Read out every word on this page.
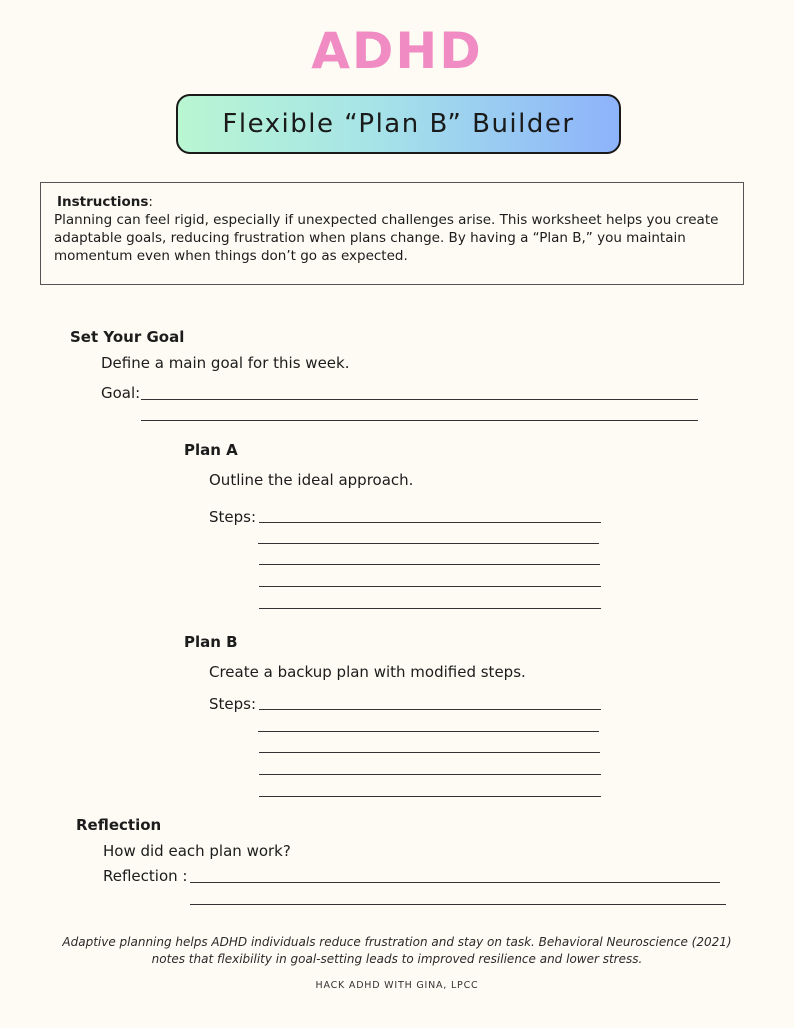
ADHD
Flexible “Plan B” Builder
Instructions:
Planning can feel rigid, especially if unexpected challenges arise. This worksheet helps you create adaptable goals, reducing frustration when plans change. By having a “Plan B,” you maintain momentum even when things don’t go as expected.
Set Your Goal
Define a main goal for this week.
Goal:
Plan A
Outline the ideal approach.
Steps:
Plan B
Create a backup plan with modified steps.
Steps:
Reflection
How did each plan work?
Reflection :
Adaptive planning helps ADHD individuals reduce frustration and stay on task. Behavioral Neuroscience (2021) notes that flexibility in goal-setting leads to improved resilience and lower stress.
HACK ADHD WITH GINA, LPCC
